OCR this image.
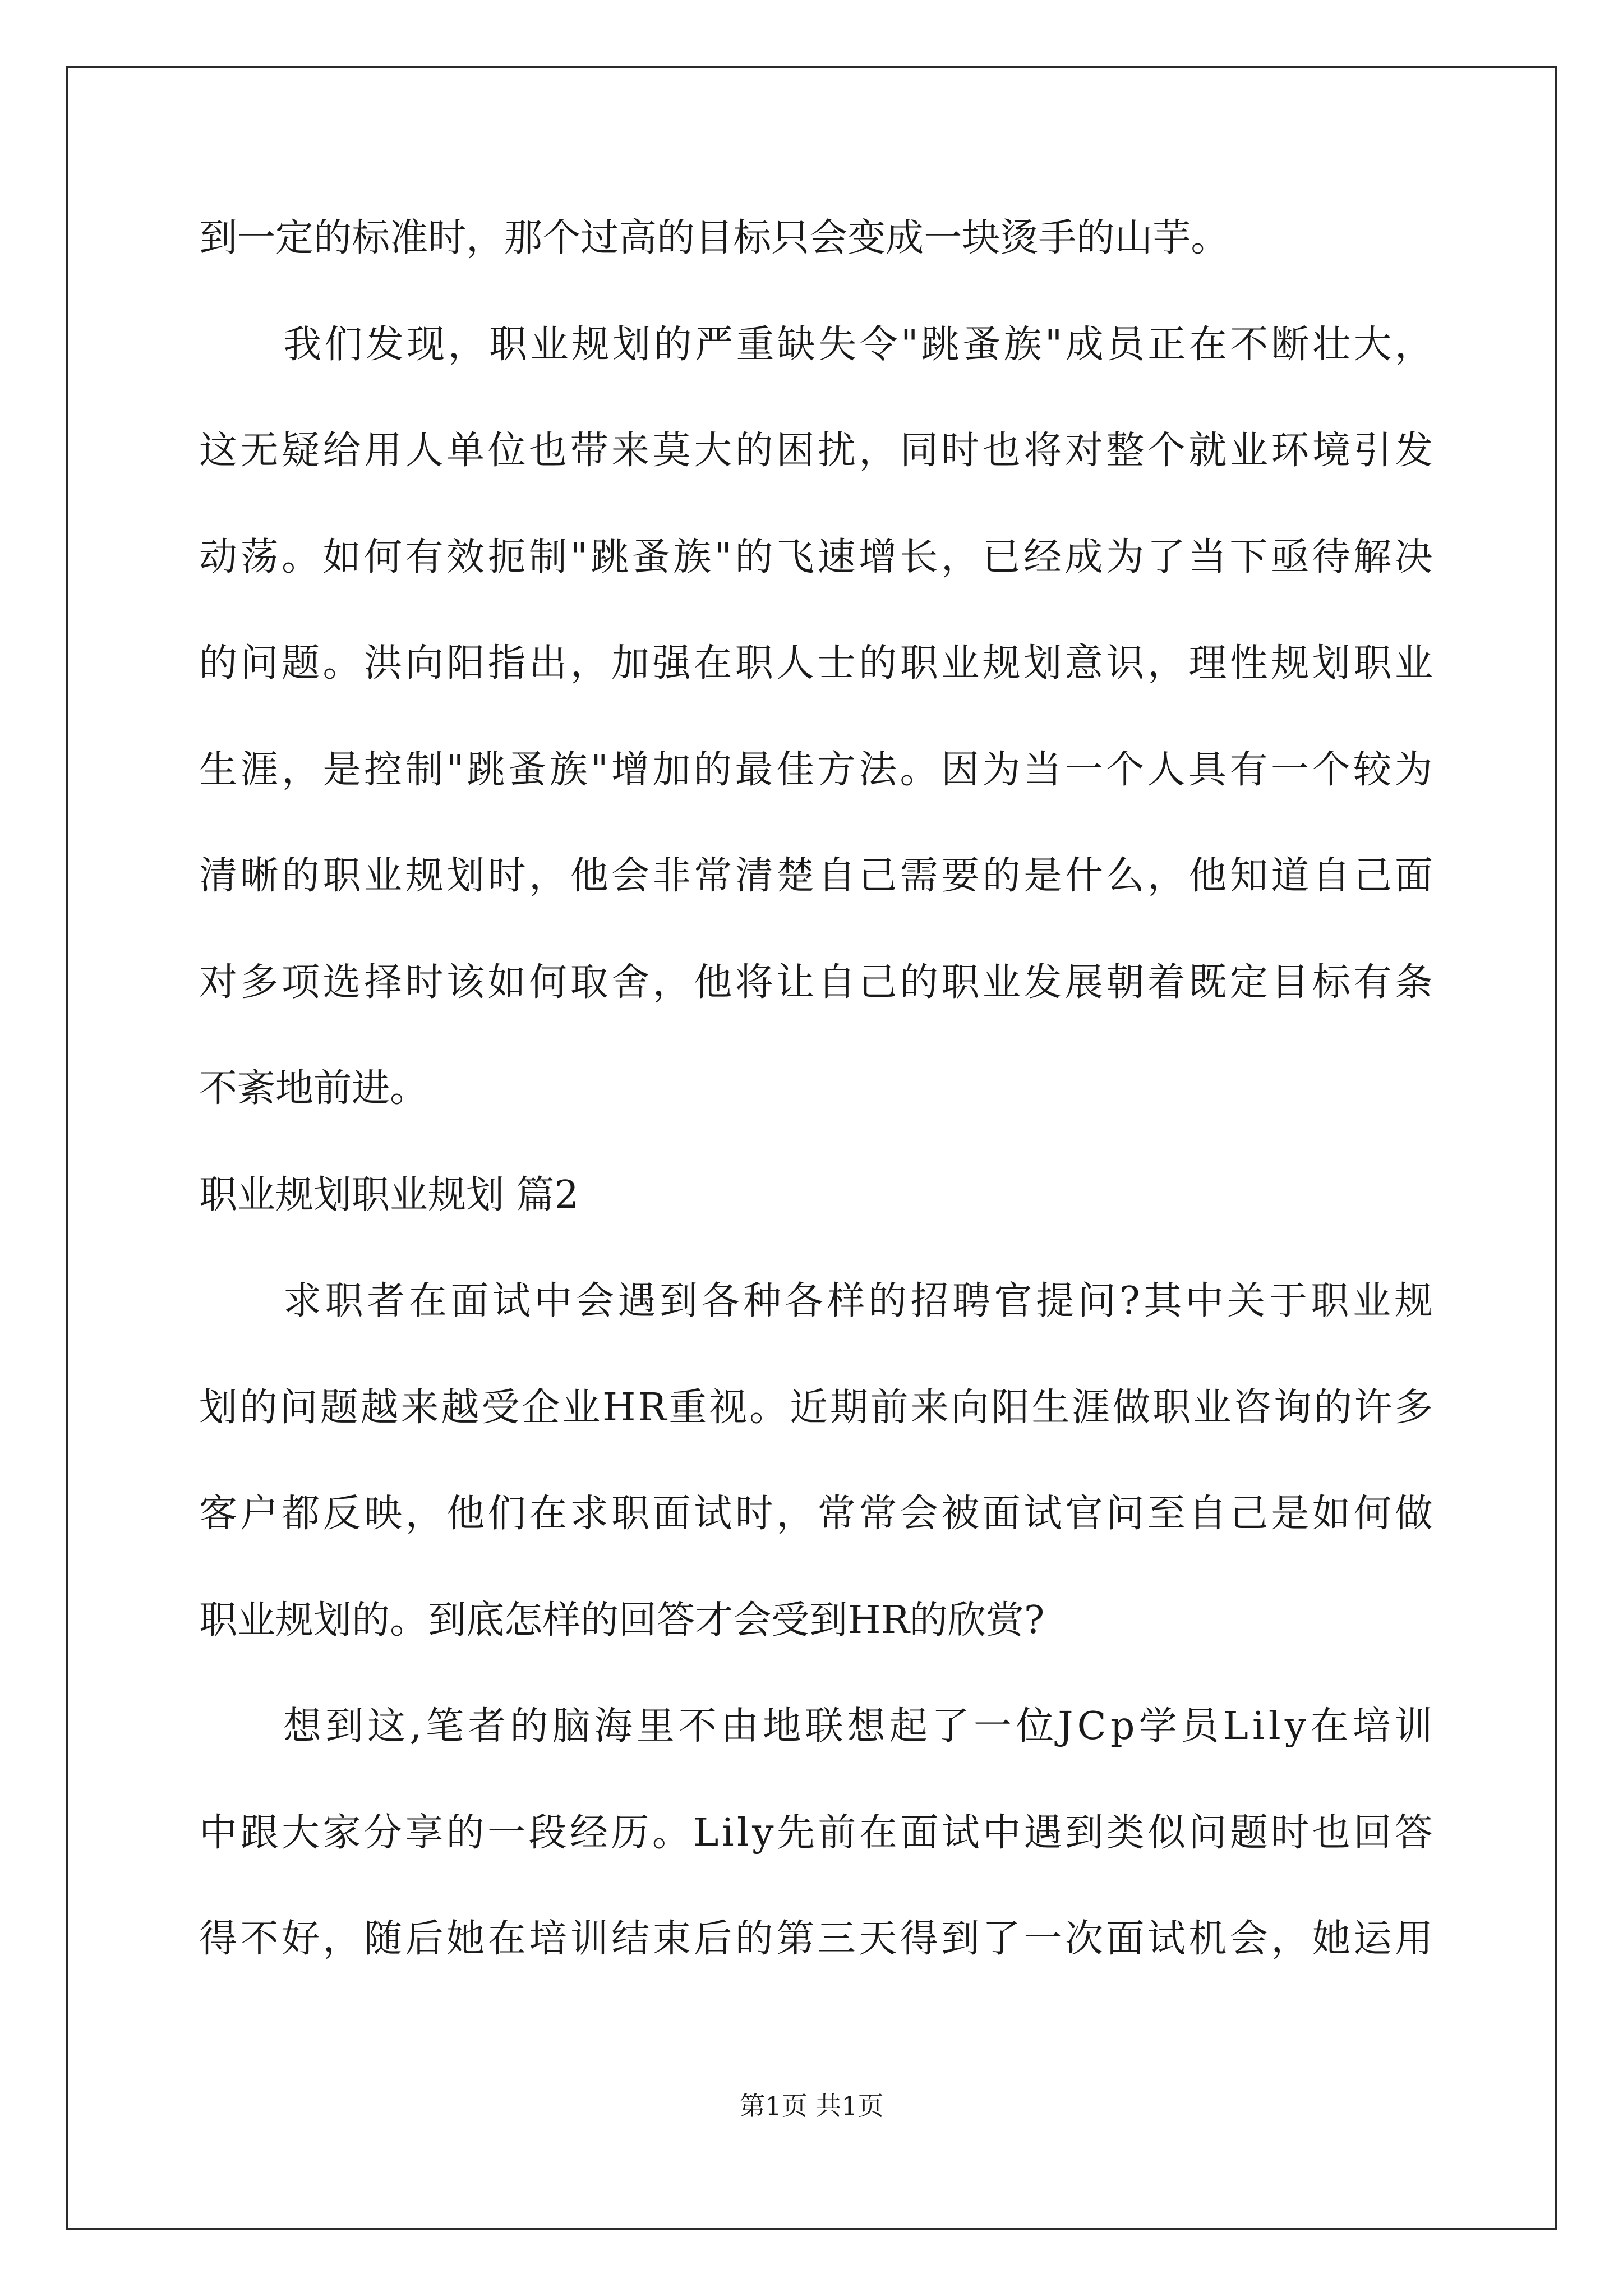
到 一 定 的 标 准 时 ， 那 个 过 高 的 目 标 只 会 变 成 一 块 烫 手 的 山 芋 。
我 们 发 现 ， 职 业 规 划 的 严 重 缺 失 令 " 跳 蚤 族 " 成 员 正 在 不 断 壮 大 ，
这 无 疑 给 用 人 单 位 也 带 来 莫 大 的 困 扰 ， 同 时 也 将 对 整 个 就 业 环 境 引 发
动 荡 。 如 何 有 效 扼 制 " 跳 蚤 族 " 的 飞 速 增 长 ， 已 经 成 为 了 当 下 亟 待 解 决
的 问 题 。 洪 向 阳 指 出 ， 加 强 在 职 人 士 的 职 业 规 划 意 识 ， 理 性 规 划 职 业
生 涯 ， 是 控 制 " 跳 蚤 族 " 增 加 的 最 佳 方 法 。 因 为 当 一 个 人 具 有 一 个 较 为
清 晰 的 职 业 规 划 时 ， 他 会 非 常 清 楚 自 己 需 要 的 是 什 么 ， 他 知 道 自 己 面
对 多 项 选 择 时 该 如 何 取 舍 ， 他 将 让 自 己 的 职 业 发 展 朝 着 既 定 目 标 有 条
不 紊 地 前 进 。
职业规划职业规划 篇2
求 职 者 在 面 试 中 会 遇 到 各 种 各 样 的 招 聘 官 提 问 ? 其 中 关 于 职 业 规
划 的 问 题 越 来 越 受 企 业 H R 重 视 。 近 期 前 来 向 阳 生 涯 做 职 业 咨 询 的 许 多
客 户 都 反 映 ， 他 们 在 求 职 面 试 时 ， 常 常 会 被 面 试 官 问 至 自 己 是 如 何 做
职 业 规 划 的 。 到 底 怎 样 的 回 答 才 会 受 到 H R 的 欣 赏 ?
想 到 这 , 笔 者 的 脑 海 里 不 由 地 联 想 起 了 一 位 J C p 学 员 L i l y 在 培 训
中 跟 大 家 分 享 的 一 段 经 历 。 L i l y 先 前 在 面 试 中 遇 到 类 似 问 题 时 也 回 答
得 不 好 ， 随 后 她 在 培 训 结 束 后 的 第 三 天 得 到 了 一 次 面 试 机 会 ， 她 运 用
第1页 共1页
